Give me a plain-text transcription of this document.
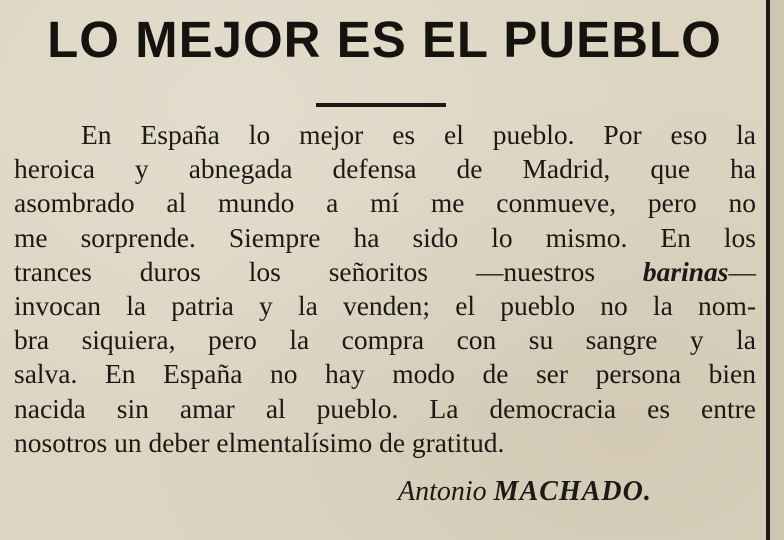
LO MEJOR ES EL PUEBLO
En España lo mejor es el pueblo. Por eso la
heroica y abnegada defensa de Madrid, que ha
asombrado al mundo a mí me conmueve, pero no
me sorprende. Siempre ha sido lo mismo. En los
trances duros los señoritos —nuestros barinas—
invocan la patria y la venden; el pueblo no la nom-
bra siquiera, pero la compra con su sangre y la
salva. En España no hay modo de ser persona bien
nacida sin amar al pueblo. La democracia es entre
nosotros un deber elmentalísimo de gratitud.
Antonio MACHADO.
